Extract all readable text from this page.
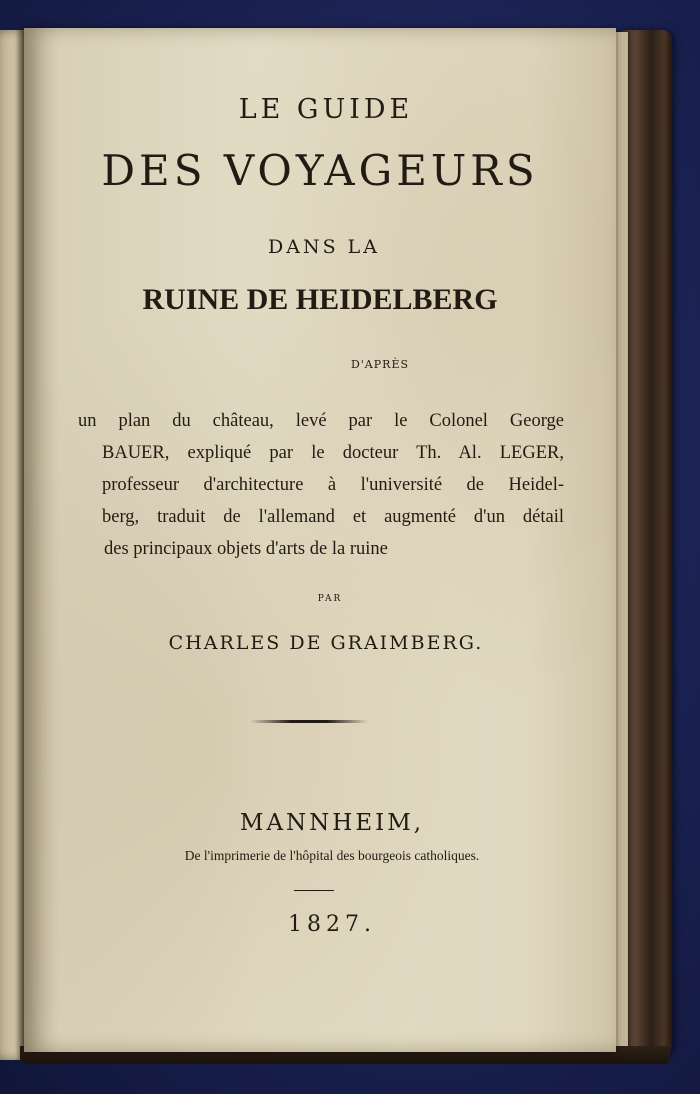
LE GUIDE
DES VOYAGEURS
DANS LA
RUINE DE HEIDELBERG
D'APRÈS
un plan du château, levé par le Colonel George
BAUER, expliqué par le docteur Th. Al. LEGER,
professeur d'architecture à l'université de Heidel-
berg, traduit de l'allemand et augmenté d'un détail
des principaux objets d'arts de la ruine
PAR
CHARLES DE GRAIMBERG.
MANNHEIM,
De l'imprimerie de l'hôpital des bourgeois catholiques.
1827.
